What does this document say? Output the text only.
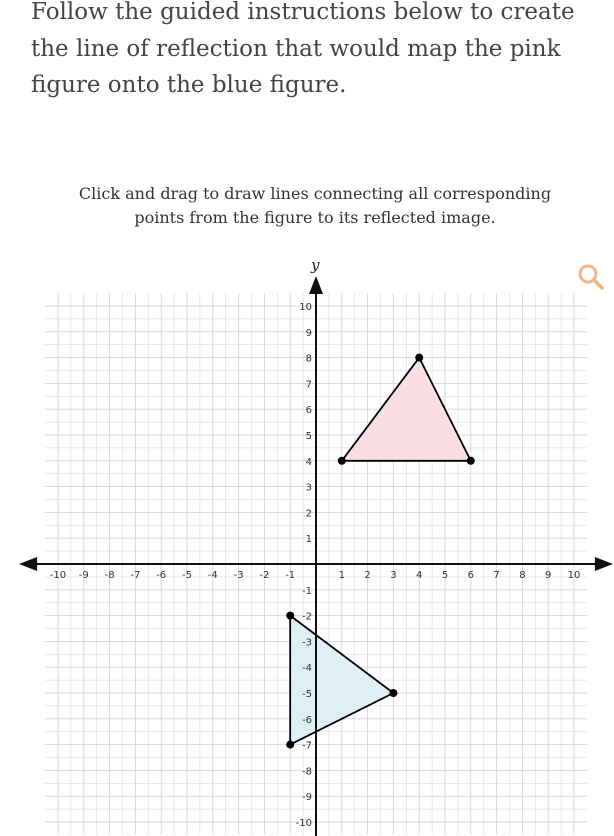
Follow the guided instructions below to create the line of reflection that would map the pink figure onto the blue figure.
Click and drag to draw lines connecting all corresponding points from the figure to its reflected image.
y
-10 -9 -8 -7 -6 -5 -4 -3 -2 -1	1 2 3 4 5 6 7 8 9 10
10
9
8
7
6
5
4
3
2
1
-1
-2
-3
-4
-5
-6
-7
-8
-9
-10
